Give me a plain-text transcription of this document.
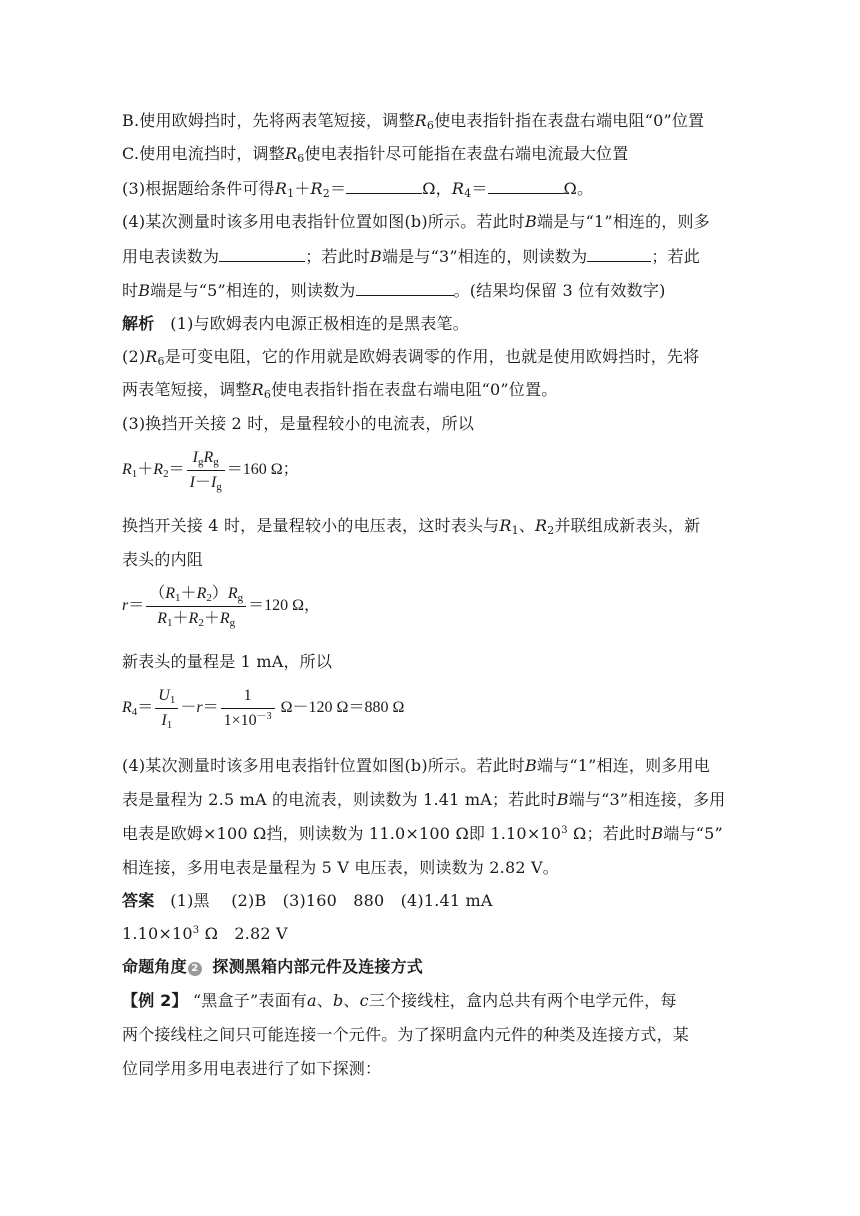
B.使用欧姆挡时，先将两表笔短接，调整$R_6$使电表指针指在表盘右端电阻“0”位置
C.使用电流挡时，调整$R_6$使电表指针尽可能指在表盘右端电流最大位置
(3)根据题给条件可得$R_1+R_2=$	Ω，$R_4=$	Ω。
(4)某次测量时该多用电表指针位置如图(b)所示。若此时B端是与“1”相连的，则多
用电表读数为	；若此时B端是与“3”相连的，则读数为	；若此
时B端是与“5”相连的，则读数为	。(结果均保留 3 位有效数字)
解析 (1)与欧姆表内电源正极相连的是黑表笔。
$(2)R_6$是可变电阻，它的作用就是欧姆表调零的作用，也就是使用欧姆挡时，先将
两表笔短接，调整$R_6$使电表指针指在表盘右端电阻“0”位置。
(3)换挡开关接 2 时，是量程较小的电流表，所以
$R_1+R_2= \frac{I_gR_g}{I-I_g} =160$ Ω；
换挡开关接 4 时，是量程较小的电压表，这时表头与$R_1$、$R_2$并联组成新表头，新
表头的内阻
$r= \frac{(R_1+R_2)R_g}{R_1+R_2+R_g} =120$ Ω，
新表头的量程是 1 mA，所以
$R_4= \frac{U_1}{I_1} -r= \frac{1}{1\times 10^{-3}} \Omega-120$ Ω＝880 Ω
(4)某次测量时该多用电表指针位置如图(b)所示。若此时B端与“1”相连，则多用电
表是量程为 2.5 mA 的电流表，则读数为 1.41 mA；若此时B端与“3”相连接，多用
电表是欧姆×100 Ω挡，则读数为 11.0×100 Ω即 $1.10\times 10^3$ Ω；若此时B端与“5”
相连接，多用电表是量程为 5 V 电压表，则读数为 2.82 V。
答案 (1)黑　 (2)B　(3)160　880　(4)1.41 mA
$1.10\times 10^3$ Ω　2.82 V
命题角度 2 探测黑箱内部元件及连接方式
【例 2】 “黑盒子”表面有a、b、c三个接线柱，盒内总共有两个电学元件，每
两个接线柱之间只可能连接一个元件。为了探明盒内元件的种类及连接方式，某
位同学用多用电表进行了如下探测：
